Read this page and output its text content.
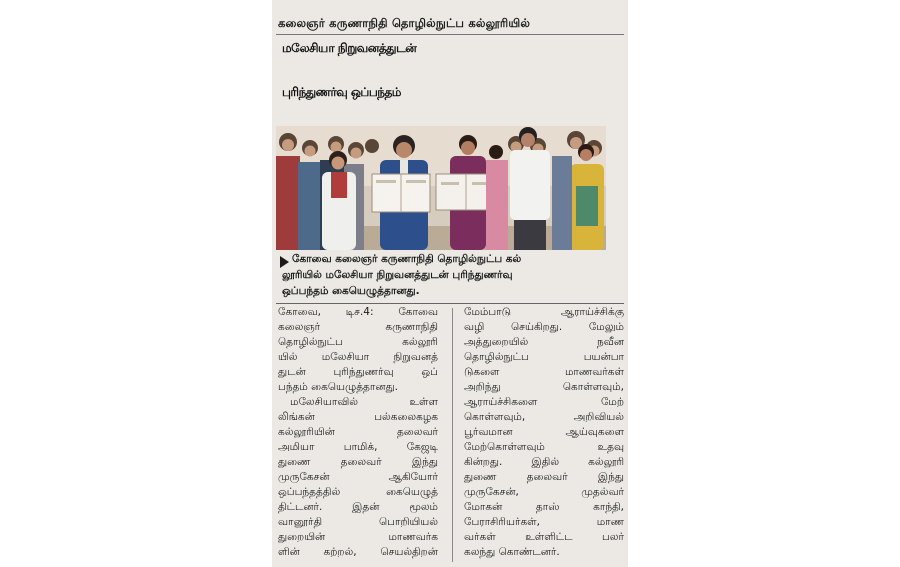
கலைஞர் கருணாநிதி தொழில்நுட்ப கல்லூரியில்
மலேசியா நிறுவனத்துடன்
புரிந்துணர்வு ஒப்பந்தம்
கோவை கலைஞர் கருணாநிதி தொழில்நுட்ப கல்
லூரியில் மலேசியா நிறுவனத்துடன் புரிந்துணர்வு
ஒப்பந்தம் கையெழுத்தானது.
கோவை, டிச.4: கோவை
கலைஞர் கருணாநிதி
தொழில்நுட்ப கல்லூரி
யில் மலேசியா நிறுவனத்
துடன் புரிந்துணர்வு ஒப்
பந்தம் கையெழுத்தானது.
மலேசியாவில் உள்ள
லிங்கன் பல்கலைகழக
கல்லூரியின் தலைவர்
அமியா பாமிக், கேஜடி
துணை தலைவர் இந்து
முருகேசன் ஆகியோர்
ஒப்பந்தத்தில் கையெழுத்
திட்டனர். இதன் மூலம்
வானூர்தி பொறியியல்
துறையின் மாணவர்க
ளின் கற்றல், செயல்திறன்
மேம்பாடு ஆராய்ச்சிக்கு
வழி செய்கிறது. மேலும்
அத்துறையில் நவீன
தொழில்நுட்ப பயன்பா
டுகளை மாணவர்கள்
அறிந்து கொள்ளவும்,
ஆராய்ச்சிகளை மேற்
கொள்ளவும், அறிவியல்
பூர்வமான ஆய்வுகளை
மேற்கொள்ளவும் உதவு
கின்றது. இதில் கல்லூரி
துணை தலைவர் இந்து
முருகேசன், முதல்வர்
மோகன் தாஸ் காந்தி,
பேராசிரியர்கள், மாண
வர்கள் உள்ளிட்ட பலர்
கலந்து கொண்டனர்.
